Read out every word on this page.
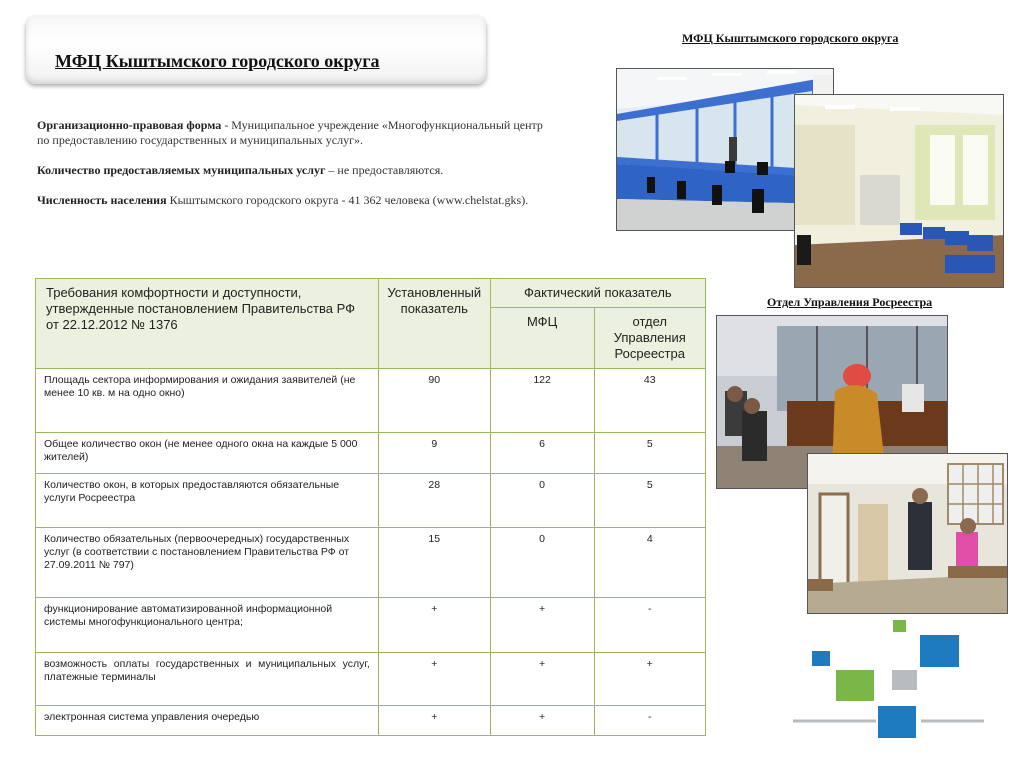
МФЦ Кыштымского городского округа
МФЦ Кыштымского городского округа

Организационно-правовая форма - Муниципальное учреждение «Многофункциональный центр по предоставлению государственных и муниципальных услуг».

Количество предоставляемых муниципальных услуг – не предоставляются.

Численность населения Кыштымского городского округа - 41 362 человека (www.chelstat.gks).

Отдел Управления Росреестра
Требования комфортности и доступности, утвержденные постановлением Правительства РФ от 22.12.2012 № 1376	Установленный показатель	Фактический показатель	
		МФЦ	отдел Управления Росреестра
Площадь сектора информирования и ожидания заявителей (не менее 10 кв. м на одно окно)	90	122	43
Общее количество окон (не менее одного окна на каждые 5 000 жителей)	9	6	5
Количество окон, в которых предоставляются обязательные услуги Росреестра	28	0	5
Количество обязательных (первоочередных) государственных услуг (в соответствии с постановлением Правительства РФ от 27.09.2011 № 797)	15	0	4
функционирование автоматизированной информационной системы многофункционального центра;	+	+	-
возможность оплаты государственных и муниципальных услуг, платежные терминалы	+	+	+
электронная система управления очередью	+	+	-
